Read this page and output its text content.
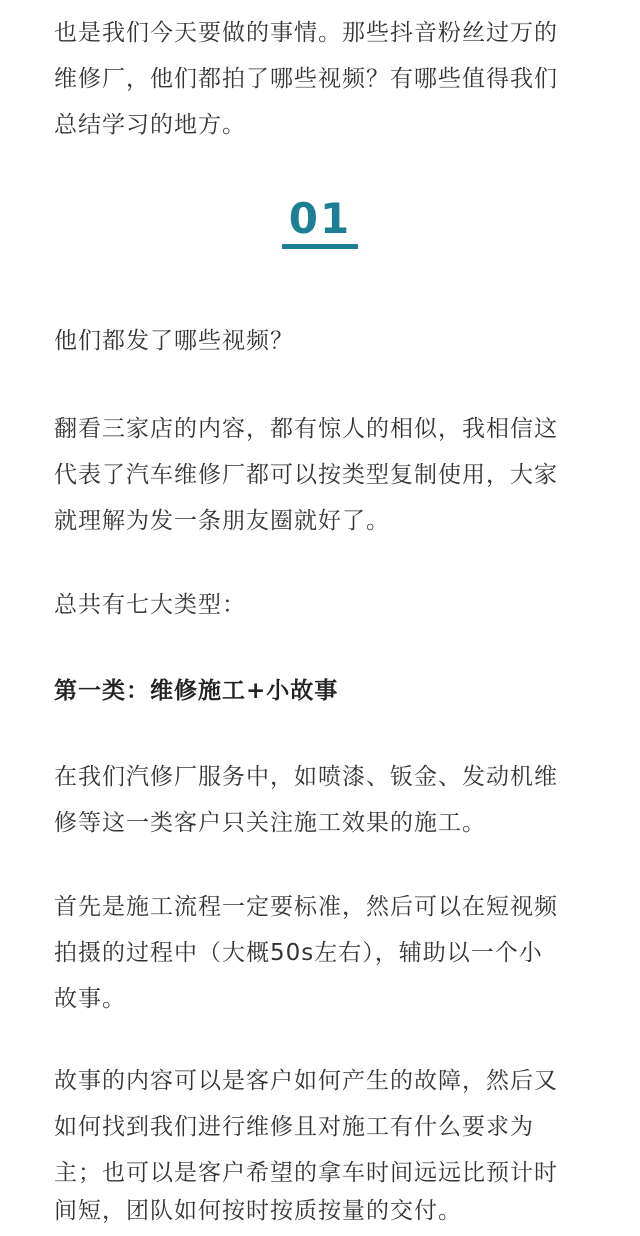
也是我们今天要做的事情。那些抖音粉丝过万的
维修厂，他们都拍了哪些视频？有哪些值得我们
总结学习的地方。
01
他们都发了哪些视频？
翻看三家店的内容，都有惊人的相似，我相信这
代表了汽车维修厂都可以按类型复制使用，大家
就理解为发一条朋友圈就好了。
总共有七大类型：
第一类：维修施工+小故事
在我们汽修厂服务中，如喷漆、钣金、发动机维
修等这一类客户只关注施工效果的施工。
首先是施工流程一定要标准，然后可以在短视频
拍摄的过程中（大概50s左右），辅助以一个小
故事。
故事的内容可以是客户如何产生的故障，然后又
如何找到我们进行维修且对施工有什么要求为
主；也可以是客户希望的拿车时间远远比预计时
间短，团队如何按时按质按量的交付。
